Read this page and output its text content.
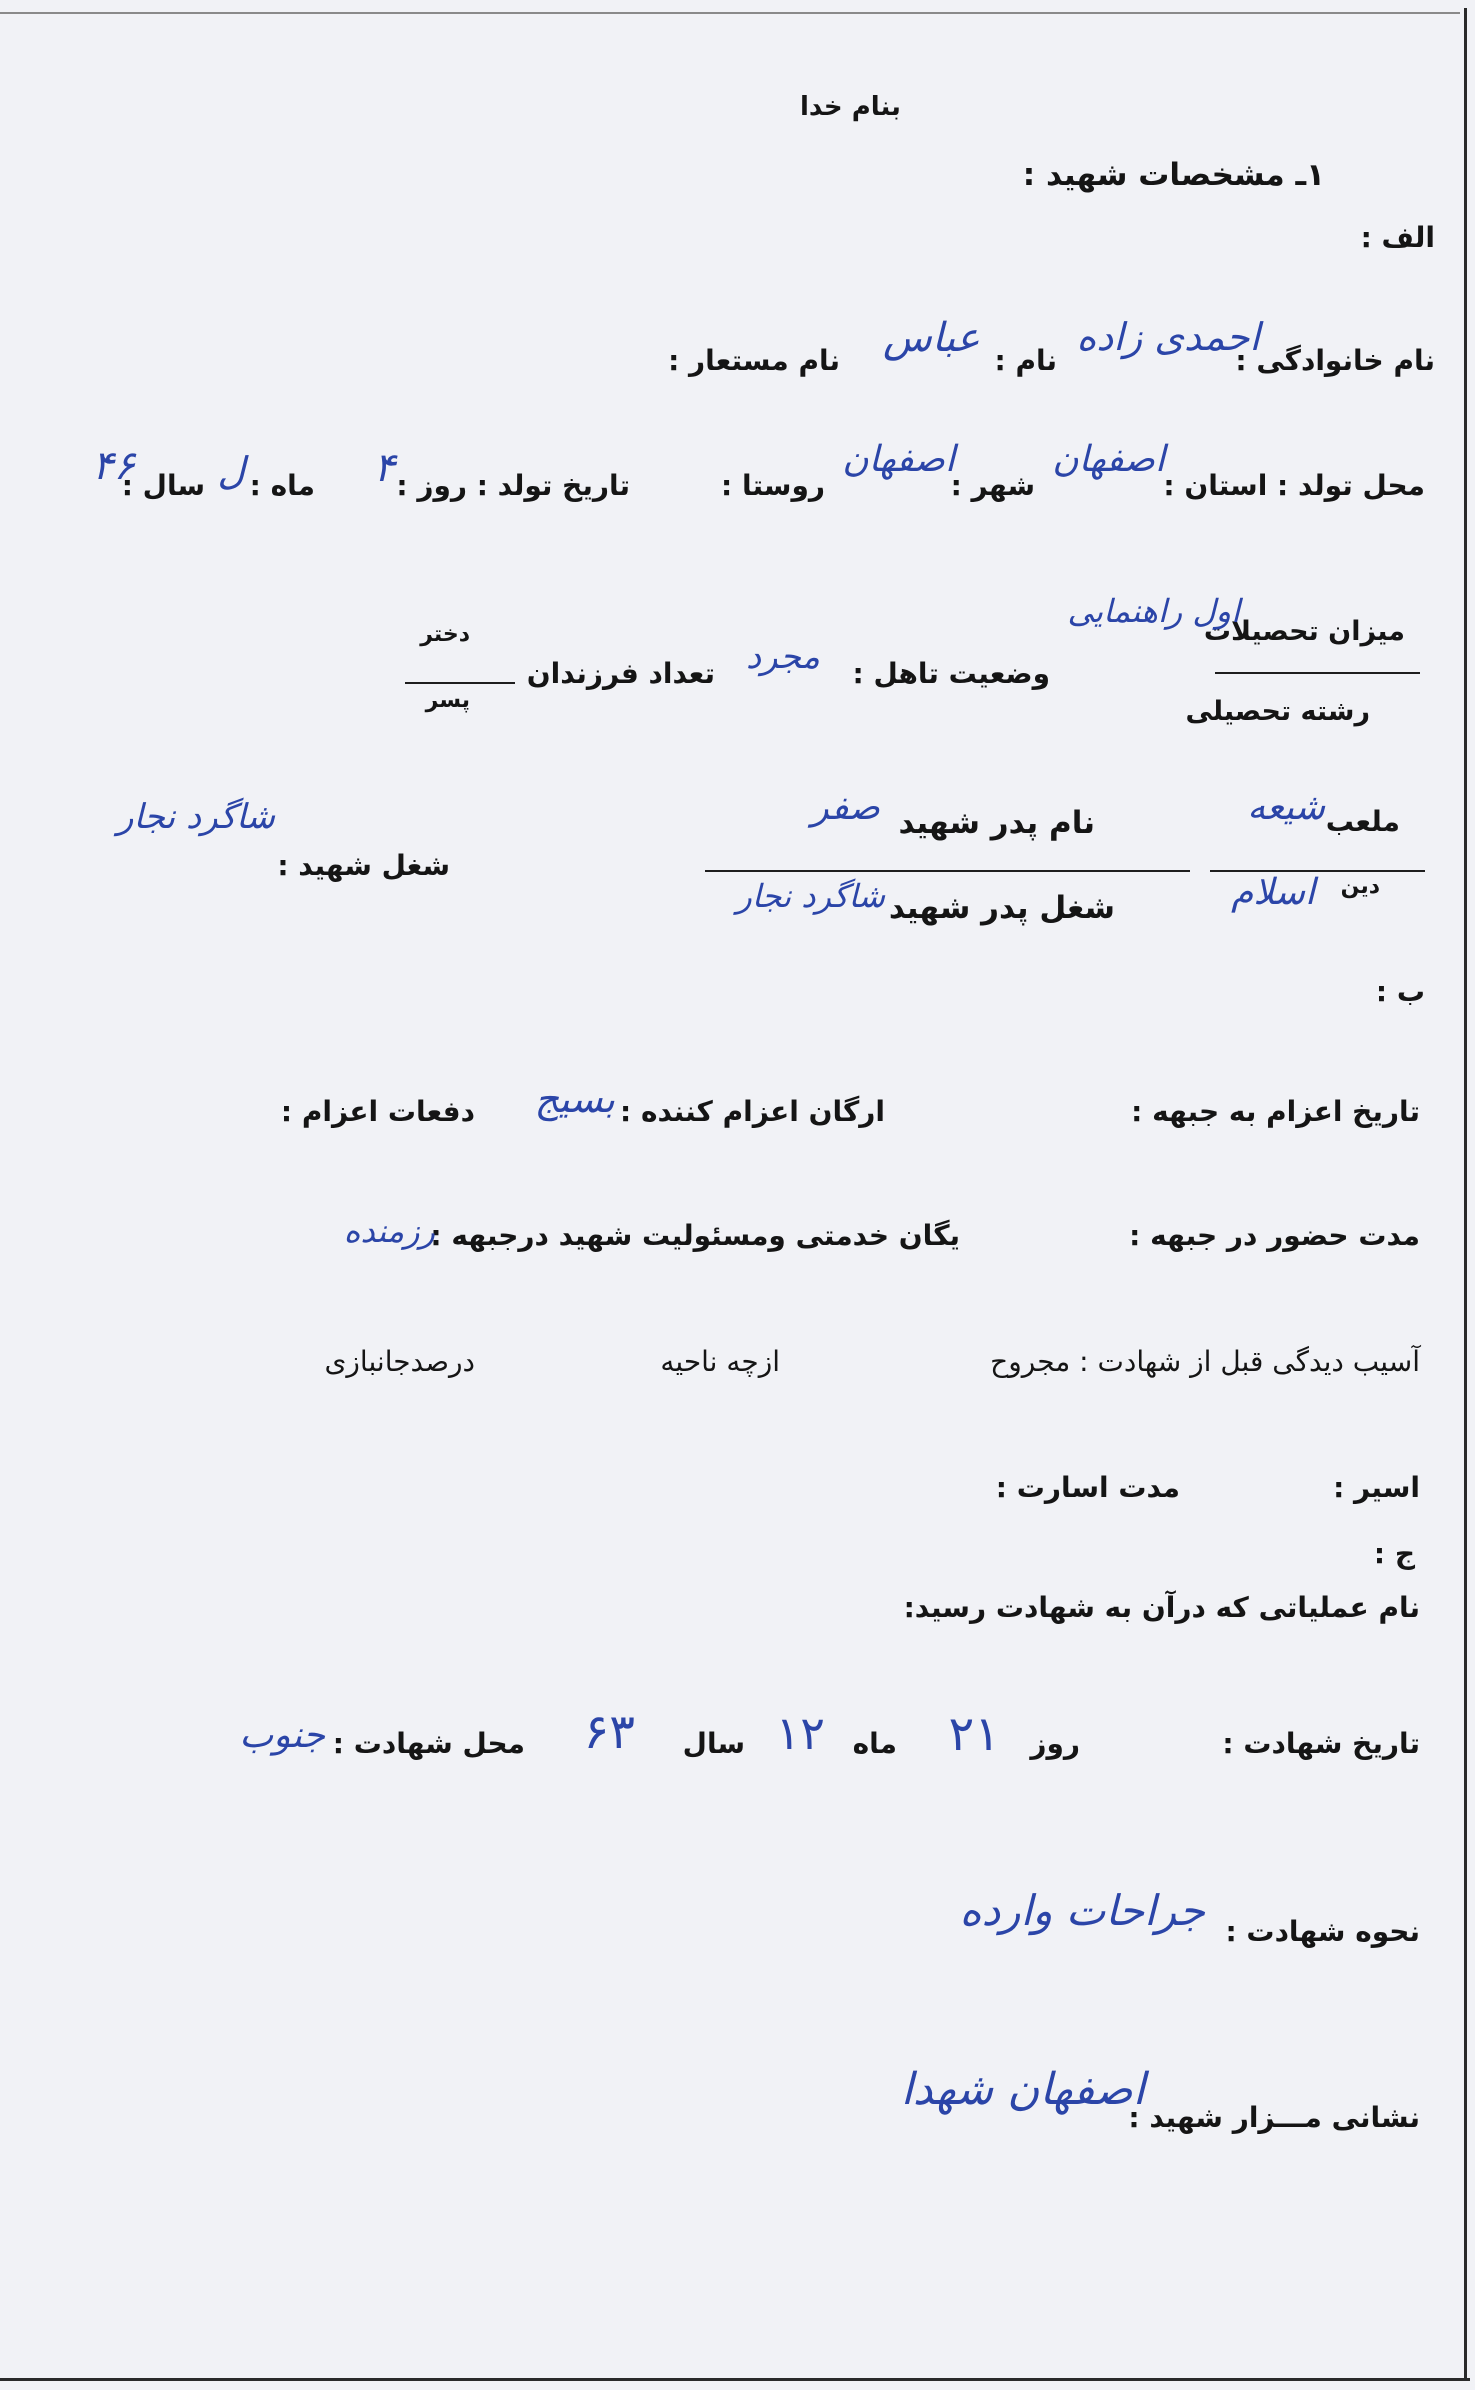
بنام خدا
۱ـ مشخصات شهید :
الف :
نام خانوادگی :
احمدی زاده
نام :
عباس
نام مستعار :
محل تولد : استان :
اصفهان
شهر :
اصفهان
روستا :
تاریخ تولد : روز :
۴
ماه :
ل
سال :
۴۶
میزان تحصیلات
اول راهنمایی
رشته تحصیلی
وضعیت تاهل :
مجرد
تعداد فرزندان
دختر
پسر
ملعب
شیعه
دین
اسلام
نام پدر شهید
صفر
شغل پدر شهید
شاگرد نجار
شغل شهید :
شاگرد نجار
ب :
تاریخ اعزام به جبهه :
ارگان اعزام کننده :
بسیج
دفعات اعزام :
مدت حضور در جبهه :
یگان خدمتی ومسئولیت شهید درجبهه :
رزمنده
آسیب دیدگی قبل از شهادت : مجروح
ازچه ناحیه
درصدجانبازی
اسیر :
مدت اسارت :
ج :
نام عملیاتی که درآن به شهادت رسید:
تاریخ شهادت :
روز
۲۱
ماه
۱۲
سال
۶۳
محل شهادت :
جنوب
نحوه شهادت :
جراحات وارده
نشانی مـــزار شهید :
اصفهان شهدا
